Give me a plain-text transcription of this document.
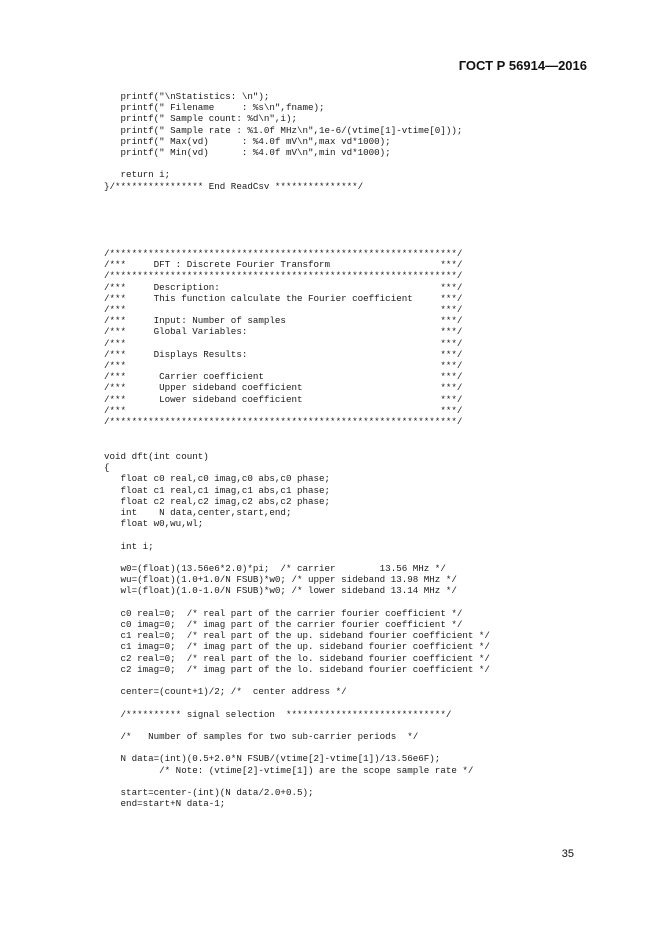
ГОСТ Р 56914—2016
printf("\nStatistics: \n");
printf(" Filename     : %s\n",fname);
printf(" Sample count: %d\n",i);
printf(" Sample rate : %1.0f MHz\n",1e-6/(vtime[1]-vtime[0]));
printf(" Max(vd)      : %4.0f mV\n",max vd*1000);
printf(" Min(vd)      : %4.0f mV\n",min vd*1000);

return i;
}/**************** End ReadCsv ***************/
/***************************************************************/
/***     DFT : Discrete Fourier Transform                    ***/
/***************************************************************/
/***     Description:                                        ***/
/***     This function calculate the Fourier coefficient     ***/
/***                                                         ***/
/***     Input: Number of samples                            ***/
/***     Global Variables:                                   ***/
/***                                                         ***/
/***     Displays Results:                                   ***/
/***                                                         ***/
/***      Carrier coefficient                                ***/
/***      Upper sideband coefficient                         ***/
/***      Lower sideband coefficient                         ***/
/***                                                         ***/
/***************************************************************/
void dft(int count)
{
float c0 real,c0 imag,c0 abs,c0 phase;
float c1 real,c1 imag,c1 abs,c1 phase;
float c2 real,c2 imag,c2 abs,c2 phase;
int    N data,center,start,end;
float w0,wu,wl;

int i;

w0=(float)(13.56e6*2.0)*pi;  /* carrier        13.56 MHz */
wu=(float)(1.0+1.0/N FSUB)*w0; /* upper sideband 13.98 MHz */
wl=(float)(1.0-1.0/N FSUB)*w0; /* lower sideband 13.14 MHz */

c0 real=0;  /* real part of the carrier fourier coefficient */
c0 imag=0;  /* imag part of the carrier fourier coefficient */
c1 real=0;  /* real part of the up. sideband fourier coefficient */
c1 imag=0;  /* imag part of the up. sideband fourier coefficient */
c2 real=0;  /* real part of the lo. sideband fourier coefficient */
c2 imag=0;  /* imag part of the lo. sideband fourier coefficient */

center=(count+1)/2; /*  center address */

/********** signal selection  *****************************/

/*   Number of samples for two sub-carrier periods  */

N data=(int)(0.5+2.0*N FSUB/(vtime[2]-vtime[1])/13.56e6F);
/* Note: (vtime[2]-vtime[1]) are the scope sample rate */

start=center-(int)(N data/2.0+0.5);
end=start+N data-1;
35
